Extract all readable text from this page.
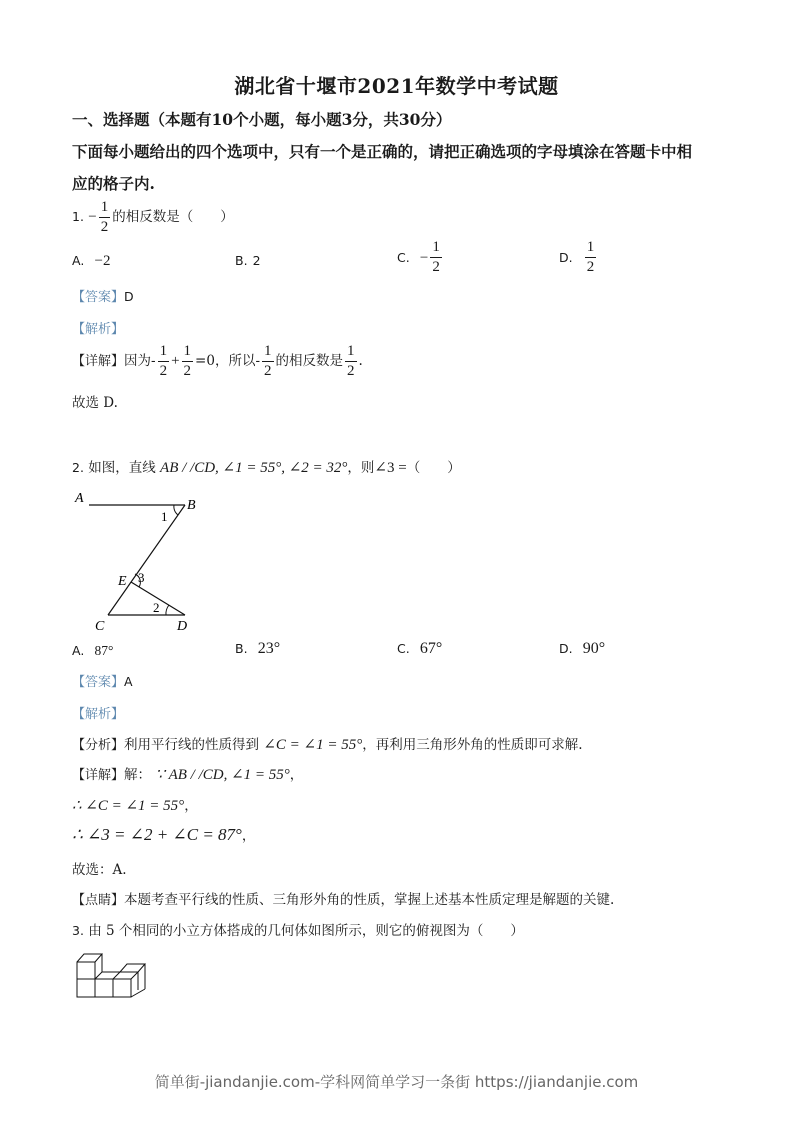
湖北省十堰市2021年数学中考试题
一、选择题（本题有10个小题，每小题3分，共30分）
下面每小题给出的四个选项中，只有一个是正确的，请把正确选项的字母填涂在答题卡中相
应的格子内.
1. − $\frac{1}{2}$ 的相反数是（　　）
A. −2	B. 2	C. − $\frac{1}{2}$	D. $\frac{1}{2}$
【答案】D
【解析】
【详解】因为- $\frac{1}{2} + \frac{1}{2} =0$，所以- $\frac{1}{2}$ 的相反数是 $\frac{1}{2}$ .
故选 D.
2. 如图，直线 AB / /CD, ∠1 = 55°, ∠2 = 32°，则∠3 =（　　）
A	B
C	D
E
1
3
2
A. 87°	B. 23°	C. 67°	D. 90°
【答案】A
【解析】
【分析】利用平行线的性质得到 ∠C = ∠1 = 55°，再利用三角形外角的性质即可求解.
【详解】解： ∵ AB / /CD, ∠1 = 55°，
∴ ∠C = ∠1 = 55°，
∴ ∠3 = ∠2 + ∠C = 87°，
故选：A.
【点睛】本题考查平行线的性质、三角形外角的性质，掌握上述基本性质定理是解题的关键.
3. 由 5 个相同的小立方体搭成的几何体如图所示，则它的俯视图为（　　）
简单街-jiandanjie.com-学科网简单学习一条街 https://jiandanjie.com
